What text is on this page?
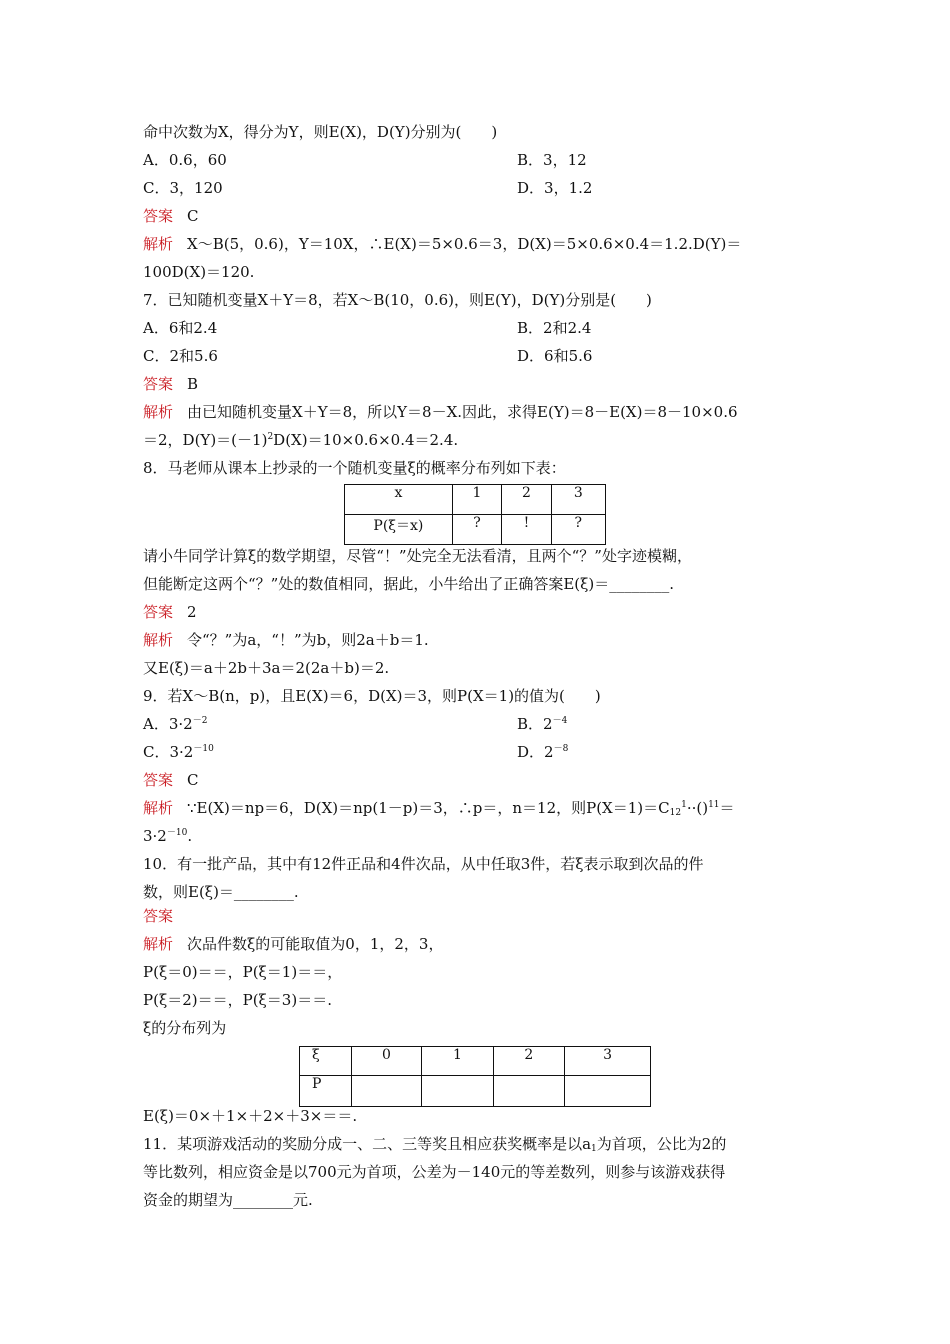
命中次数为X，得分为Y，则E(X)，D(Y)分别为(　　)
A．0.6，60	B．3，12
C．3，120	D．3，1.2
答案 C
解析 X～B(5，0.6)，Y＝10X，∴E(X)＝5×0.6＝3，D(X)＝5×0.6×0.4＝1.2.D(Y)＝
100D(X)＝120.
7．已知随机变量X＋Y＝8，若X～B(10，0.6)，则E(Y)，D(Y)分别是(　　)
A．6和2.4	B．2和2.4
C．2和5.6	D．6和5.6
答案 B
解析 由已知随机变量X＋Y＝8，所以Y＝8－X.因此，求得E(Y)＝8－E(X)＝8－10×0.6
＝2，$D(Y)=(-1)^2D(X)=10\times 0.6\times 0.4=2.4$.
8．马老师从课本上抄录的一个随机变量ξ的概率分布列如下表：
x	1	2	3
P(ξ＝x)	?	!	?
请小牛同学计算ξ的数学期望，尽管“！”处完全无法看清，且两个“？”处字迹模糊，
但能断定这两个“？”处的数值相同，据此，小牛给出了正确答案E(ξ)＝________.
答案 2
解析 令“？”为a，“！”为b，则2a＋b＝1.
又E(ξ)＝a＋2b＋3a＝2(2a＋b)＝2.
9．若X～B(n，p)，且E(X)＝6，D(X)＝3，则P(X＝1)的值为(　　)
A．$3\cdot 2^{-2}$	B．$2^{-4}$
C．$3\cdot 2^{-10}$	D．$2^{-8}$
答案 C
解析 ∵E(X)＝np＝6，D(X)＝np(1－p)＝3，∴p＝，n＝12，则$P(X=1)=C_{12}^1\cdot\cdot()^{11}=$
$3\cdot 2^{-10}$.
10．有一批产品，其中有12件正品和4件次品，从中任取3件，若ξ表示取到次品的件
数，则E(ξ)＝________.
答案
解析 次品件数ξ的可能取值为0，1，2，3，
P(ξ＝0)＝＝，P(ξ＝1)＝＝，
P(ξ＝2)＝＝，P(ξ＝3)＝＝.
ξ的分布列为
ξ	0	1	2	3
P				
E(ξ)＝0×＋1×＋2×＋3×＝＝.
11．某项游戏活动的奖励分成一、二、三等奖且相应获奖概率是以$a_1$为首项，公比为2的
等比数列，相应资金是以700元为首项，公差为－140元的等差数列，则参与该游戏获得
资金的期望为________元.
